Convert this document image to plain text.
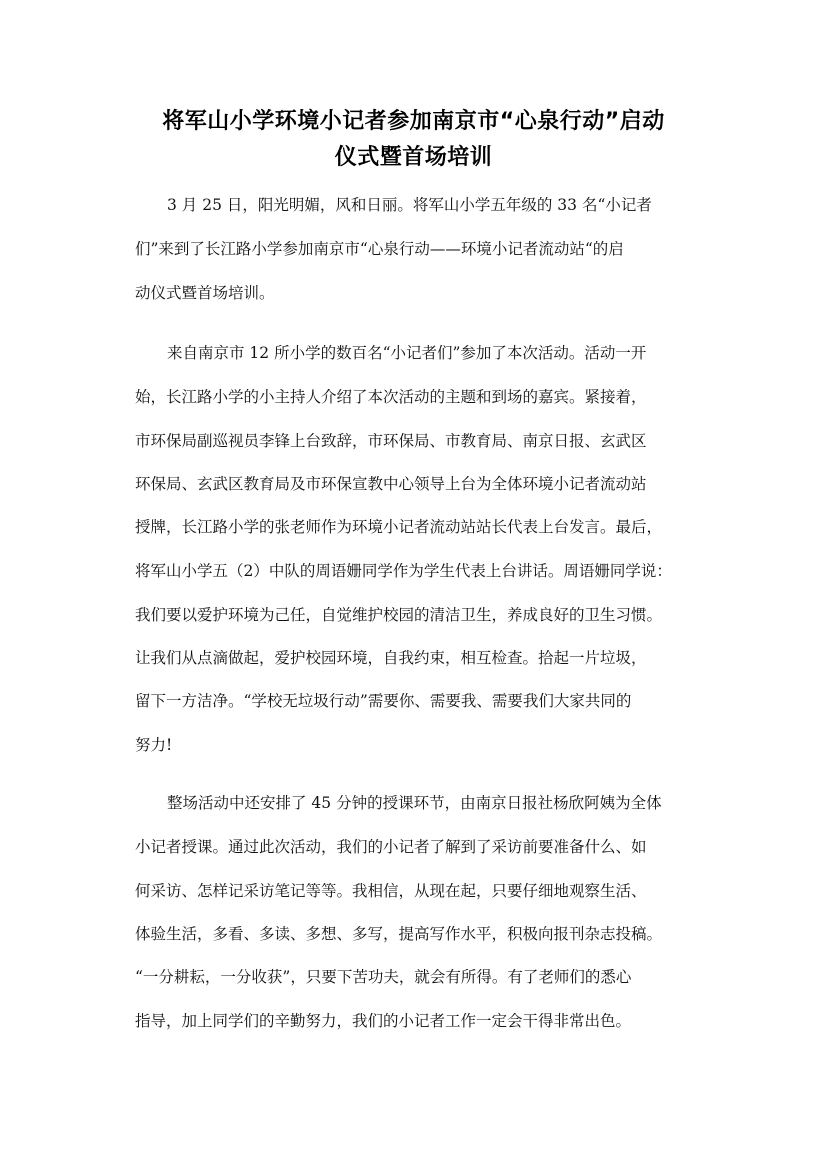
将军山小学环境小记者参加南京市“心泉行动”启动
仪式暨首场培训
3 月 25 日，阳光明媚，风和日丽。将军山小学五年级的 33 名“小记者
们”来到了长江路小学参加南京市“心泉行动——环境小记者流动站“的启
动仪式暨首场培训。
来自南京市 12 所小学的数百名“小记者们”参加了本次活动。活动一开
始，长江路小学的小主持人介绍了本次活动的主题和到场的嘉宾。紧接着，
市环保局副巡视员李锋上台致辞，市环保局、市教育局、南京日报、玄武区
环保局、玄武区教育局及市环保宣教中心领导上台为全体环境小记者流动站
授牌，长江路小学的张老师作为环境小记者流动站站长代表上台发言。最后，
将军山小学五（2）中队的周语姗同学作为学生代表上台讲话。周语姗同学说：
我们要以爱护环境为己任，自觉维护校园的清洁卫生，养成良好的卫生习惯。
让我们从点滴做起，爱护校园环境，自我约束，相互检查。拾起一片垃圾，
留下一方洁净。“学校无垃圾行动”需要你、需要我、需要我们大家共同的
努力!
整场活动中还安排了 45 分钟的授课环节，由南京日报社杨欣阿姨为全体
小记者授课。通过此次活动，我们的小记者了解到了采访前要准备什么、如
何采访、怎样记采访笔记等等。我相信，从现在起，只要仔细地观察生活、
体验生活，多看、多读、多想、多写，提高写作水平，积极向报刊杂志投稿。
“一分耕耘，一分收获”，只要下苦功夫，就会有所得。有了老师们的悉心
指导，加上同学们的辛勤努力，我们的小记者工作一定会干得非常出色。
